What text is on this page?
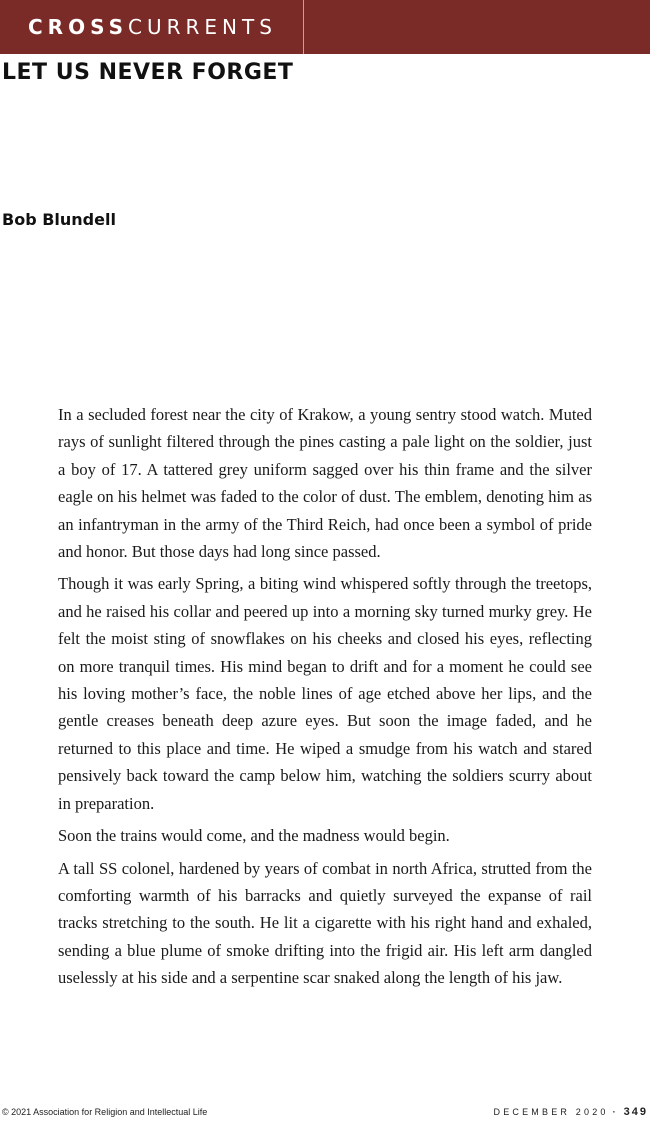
CROSSCURRENTS
LET US NEVER FORGET
Bob Blundell

In a secluded forest near the city of Krakow, a young sentry stood watch. Muted rays of sunlight filtered through the pines casting a pale light on the soldier, just a boy of 17. A tattered grey uniform sagged over his thin frame and the silver eagle on his helmet was faded to the color of dust. The emblem, denoting him as an infantryman in the army of the Third Reich, had once been a symbol of pride and honor. But those days had long since passed.

Though it was early Spring, a biting wind whispered softly through the treetops, and he raised his collar and peered up into a morning sky turned murky grey. He felt the moist sting of snowflakes on his cheeks and closed his eyes, reflecting on more tranquil times. His mind began to drift and for a moment he could see his loving mother’s face, the noble lines of age etched above her lips, and the gentle creases beneath deep azure eyes. But soon the image faded, and he returned to this place and time. He wiped a smudge from his watch and stared pensively back toward the camp below him, watching the soldiers scurry about in preparation.

Soon the trains would come, and the madness would begin.

A tall SS colonel, hardened by years of combat in north Africa, strutted from the comforting warmth of his barracks and quietly surveyed the expanse of rail tracks stretching to the south. He lit a cigarette with his right hand and exhaled, sending a blue plume of smoke drifting into the frigid air. His left arm dangled uselessly at his side and a serpentine scar snaked along the length of his jaw.

© 2021 Association for Religion and Intellectual Life	DECEMBER 2020 · 349
